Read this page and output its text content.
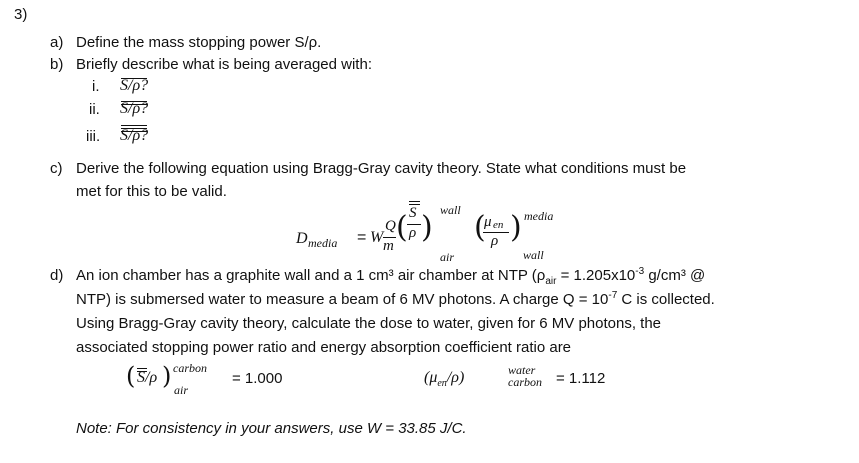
3)
a) Define the mass stopping power S/ρ.
b) Briefly describe what is being averaged with:
i. S/ρ?
ii. S/ρ?
iii. S/ρ?
c) Derive the following equation using Bragg-Gray cavity theory. State what conditions must be
met for this to be valid.
D media = W
Q
m
( S
ρ ) wall
air
(
μ en
ρ ) media
wall
d) An ion chamber has a graphite wall and a 1 cm³ air chamber at NTP ($\rho_{air} = 1.205x10^{-3}$ g/cm³ @
NTP) is submersed water to measure a beam of 6 MV photons. A charge $Q = 10^{-7}$ C is collected.
Using Bragg-Gray cavity theory, calculate the dose to water, given for 6 MV photons, the
associated stopping power ratio and energy absorption coefficient ratio are
( S/ρ ) carbon
air
= 1.000	$(\mu_{en}/\rho)$	water
carbon = 1.112
Note: For consistency in your answers, use W = 33.85 J/C.
